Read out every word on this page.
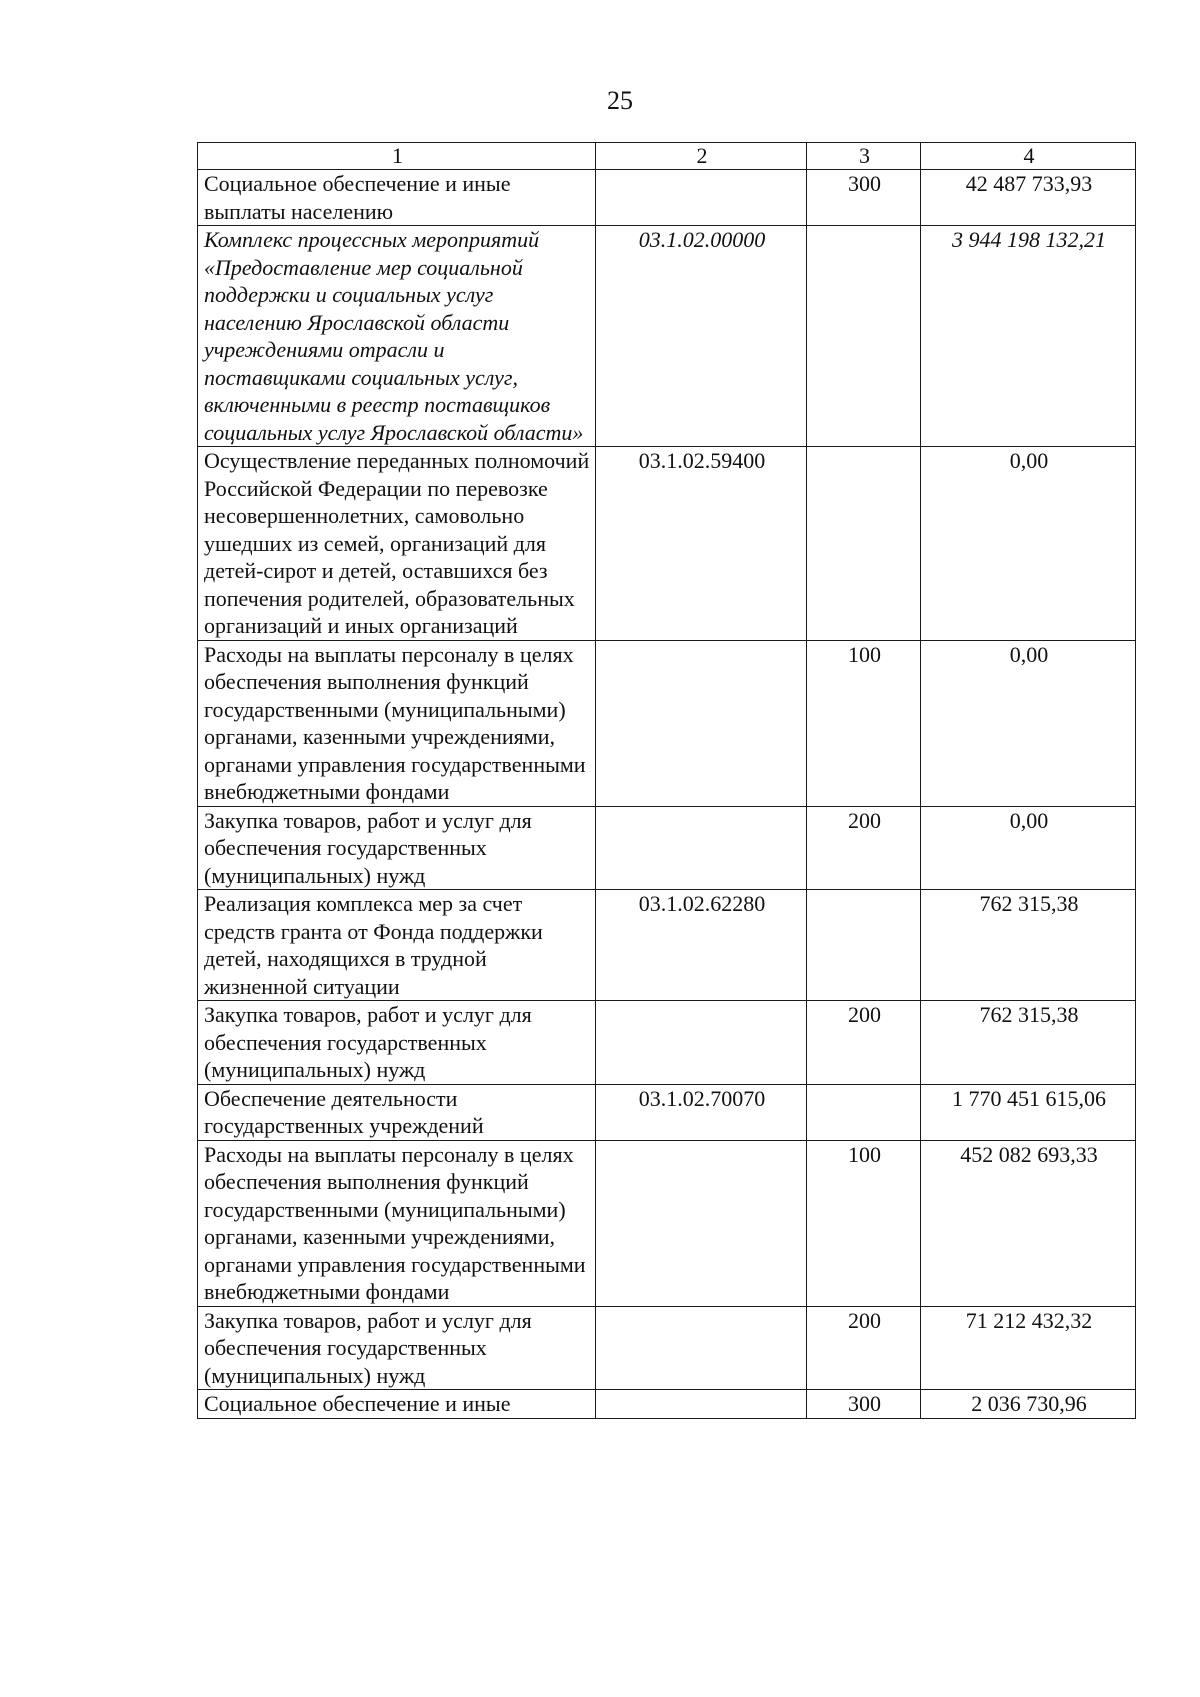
25
1	2	3	4
Социальное обеспечение и иные выплаты населению		300	42 487 733,93
Комплекс процессных мероприятий «Предоставление мер социальной поддержки и социальных услуг населению Ярославской области учреждениями отрасли и поставщиками социальных услуг, включенными в реестр поставщиков социальных услуг Ярославской области»	03.1.02.00000		3 944 198 132,21
Осуществление переданных полномочий Российской Федерации по перевозке несовершеннолетних, самовольно ушедших из семей, организаций для детей-сирот и детей, оставшихся без попечения родителей, образовательных организаций и иных организаций	03.1.02.59400		0,00
Расходы на выплаты персоналу в целях обеспечения выполнения функций государственными (муниципальными) органами, казенными учреждениями, органами управления государственными внебюджетными фондами		100	0,00
Закупка товаров, работ и услуг для обеспечения государственных (муниципальных) нужд		200	0,00
Реализация комплекса мер за счет средств гранта от Фонда поддержки детей, находящихся в трудной жизненной ситуации	03.1.02.62280		762 315,38
Закупка товаров, работ и услуг для обеспечения государственных (муниципальных) нужд		200	762 315,38
Обеспечение деятельности государственных учреждений	03.1.02.70070		1 770 451 615,06
Расходы на выплаты персоналу в целях обеспечения выполнения функций государственными (муниципальными) органами, казенными учреждениями, органами управления государственными внебюджетными фондами		100	452 082 693,33
Закупка товаров, работ и услуг для обеспечения государственных (муниципальных) нужд		200	71 212 432,32
Социальное обеспечение и иные		300	2 036 730,96
